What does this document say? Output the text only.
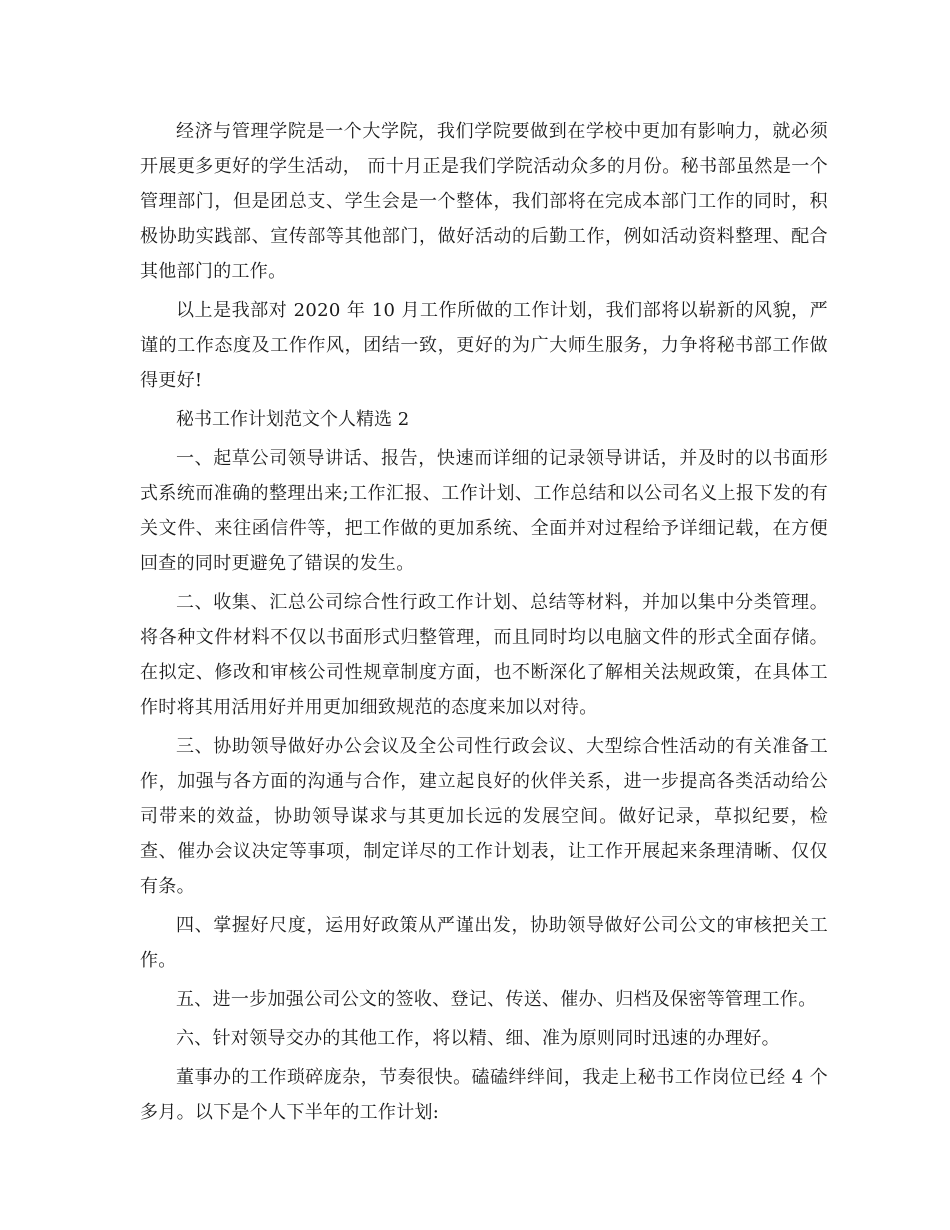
经济与管理学院是一个大学院，我们学院要做到在学校中更加有影响力，就必须开展更多更好的学生活动， 而十月正是我们学院活动众多的月份。秘书部虽然是一个管理部门，但是团总支、学生会是一个整体，我们部将在完成本部门工作的同时，积极协助实践部、宣传部等其他部门，做好活动的后勤工作，例如活动资料整理、配合其他部门的工作。

以上是我部对 2020 年 10 月工作所做的工作计划，我们部将以崭新的风貌，严谨的工作态度及工作作风，团结一致，更好的为广大师生服务，力争将秘书部工作做得更好!

秘书工作计划范文个人精选 2

一、起草公司领导讲话、报告，快速而详细的记录领导讲话，并及时的以书面形式系统而准确的整理出来;工作汇报、工作计划、工作总结和以公司名义上报下发的有关文件、来往函信件等，把工作做的更加系统、全面并对过程给予详细记载，在方便回查的同时更避免了错误的发生。

二、收集、汇总公司综合性行政工作计划、总结等材料，并加以集中分类管理。将各种文件材料不仅以书面形式归整管理，而且同时均以电脑文件的形式全面存储。在拟定、修改和审核公司性规章制度方面，也不断深化了解相关法规政策，在具体工作时将其用活用好并用更加细致规范的态度来加以对待。

三、协助领导做好办公会议及全公司性行政会议、大型综合性活动的有关准备工作，加强与各方面的沟通与合作，建立起良好的伙伴关系，进一步提高各类活动给公司带来的效益，协助领导谋求与其更加长远的发展空间。做好记录，草拟纪要，检查、催办会议决定等事项，制定详尽的工作计划表，让工作开展起来条理清晰、仅仅有条。

四、掌握好尺度，运用好政策从严谨出发，协助领导做好公司公文的审核把关工作。

五、进一步加强公司公文的签收、登记、传送、催办、归档及保密等管理工作。

六、针对领导交办的其他工作，将以精、细、准为原则同时迅速的办理好。

董事办的工作琐碎庞杂，节奏很快。磕磕绊绊间，我走上秘书工作岗位已经 4 个多月。以下是个人下半年的工作计划:
